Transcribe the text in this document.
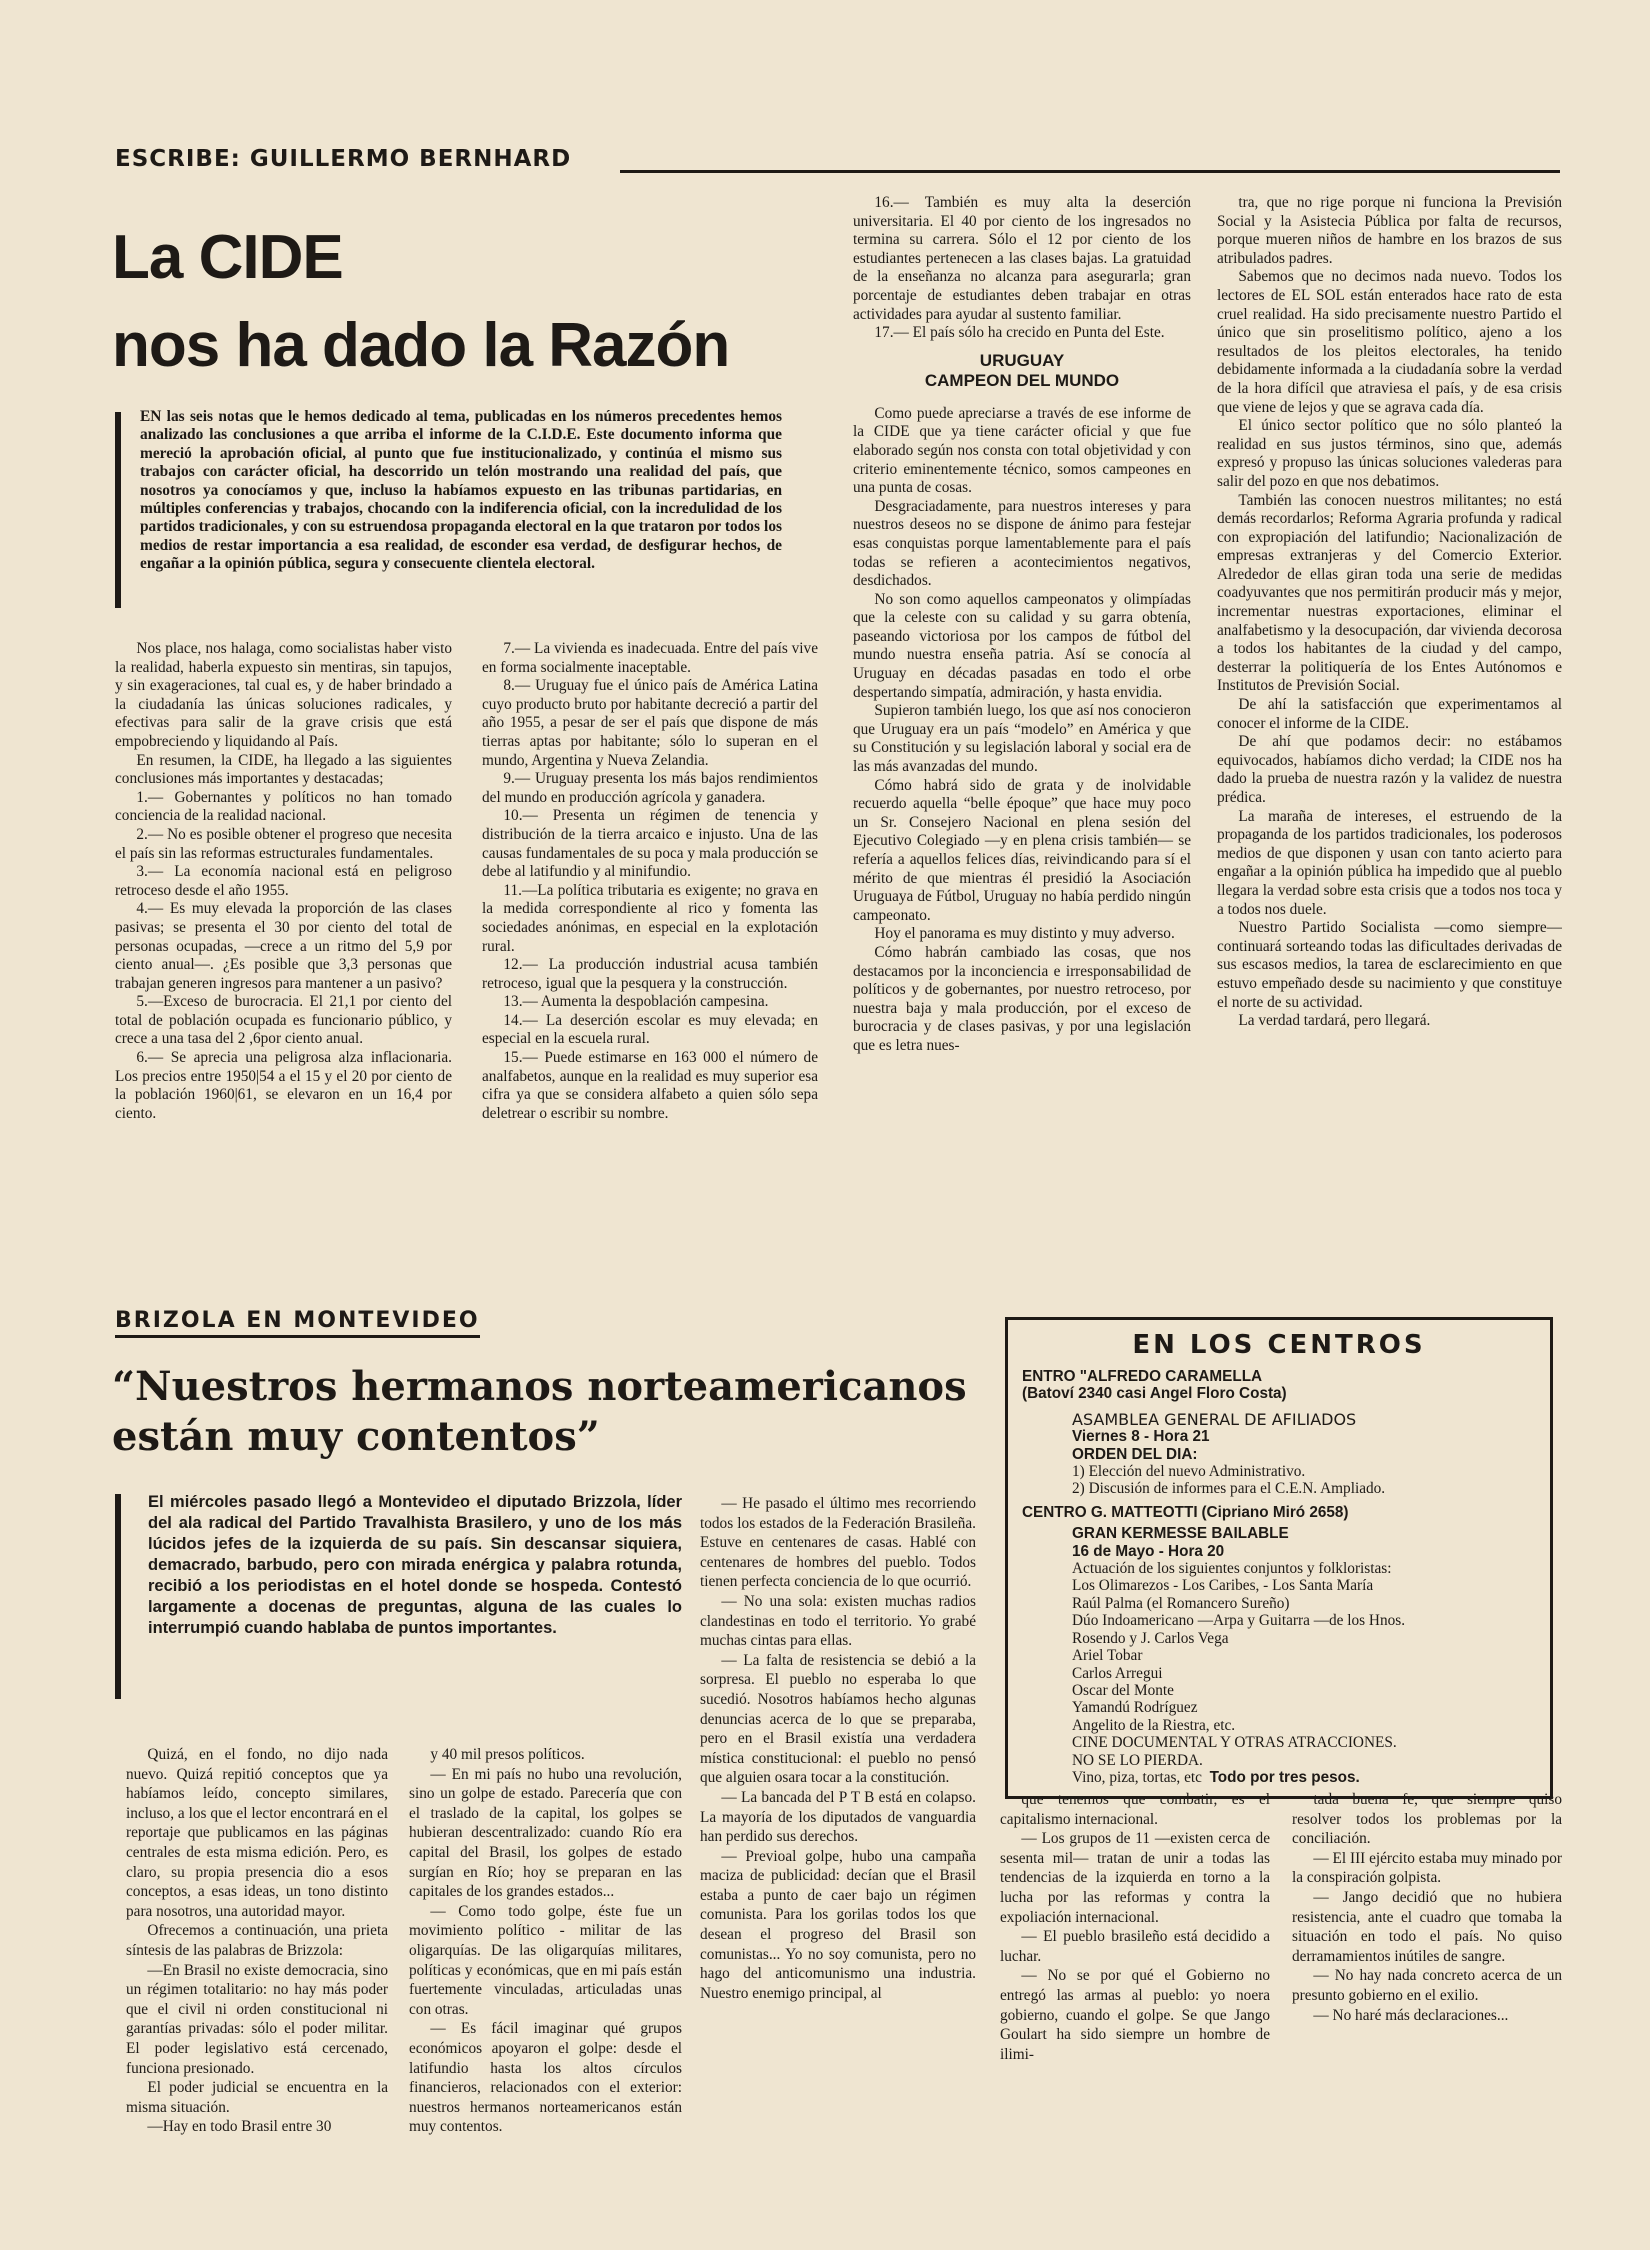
ESCRIBE: GUILLERMO BERNHARD
La CIDE
nos ha dado la Razón
EN las seis notas que le hemos dedicado al tema, publicadas en los números precedentes hemos analizado las conclusiones a que arriba el informe de la C.I.D.E. Este documento informa que mereció la aprobación oficial, al punto que fue institucionalizado, y continúa el mismo sus trabajos con carácter oficial, ha descorrido un telón mostrando una realidad del país, que nosotros ya conocíamos y que, incluso la habíamos expuesto en las tribunas partidarias, en múltiples conferencias y trabajos, chocando con la indiferencia oficial, con la incredulidad de los partidos tradicionales, y con su estruendosa propaganda electoral en la que trataron por todos los medios de restar importancia a esa realidad, de esconder esa verdad, de desfigurar hechos, de engañar a la opinión pública, segura y consecuente clientela electoral.

Nos place, nos halaga, como socialistas haber visto la realidad, haberla expuesto sin mentiras, sin tapujos, y sin exageraciones, tal cual es, y de haber brindado a la ciudadanía las únicas soluciones radicales, y efectivas para salir de la grave crisis que está empobreciendo y liquidando al País.

En resumen, la CIDE, ha llegado a las siguientes conclusiones más importantes y destacadas;

1.— Gobernantes y políticos no han tomado conciencia de la realidad nacional.

2.— No es posible obtener el progreso que necesita el país sin las reformas estructurales fundamentales.

3.— La economía nacional está en peligroso retroceso desde el año 1955.

4.— Es muy elevada la proporción de las clases pasivas; se presenta el 30 por ciento del total de personas ocupadas, —crece a un ritmo del 5,9 por ciento anual—. ¿Es posible que 3,3 personas que trabajan generen ingresos para mantener a un pasivo?

5.—Exceso de burocracia. El 21,1 por ciento del total de población ocupada es funcionario público, y crece a una tasa del 2 ,6por ciento anual.

6.— Se aprecia una peligrosa alza inflacionaria. Los precios entre 1950|54 a el 15 y el 20 por ciento de la población 1960|61, se elevaron en un 16,4 por ciento.

7.— La vivienda es inadecuada. Entre del país vive en forma socialmente inaceptable.

8.— Uruguay fue el único país de América Latina cuyo producto bruto por habitante decreció a partir del año 1955, a pesar de ser el país que dispone de más tierras aptas por habitante; sólo lo superan en el mundo, Argentina y Nueva Zelandia.

9.— Uruguay presenta los más bajos rendimientos del mundo en producción agrícola y ganadera.

10.— Presenta un régimen de tenencia y distribución de la tierra arcaico e injusto. Una de las causas fundamentales de su poca y mala producción se debe al latifundio y al minifundio.

11.—La política tributaria es exigente; no grava en la medida correspondiente al rico y fomenta las sociedades anónimas, en especial en la explotación rural.

12.— La producción industrial acusa también retroceso, igual que la pesquera y la construcción.

13.— Aumenta la despoblación campesina.

14.— La deserción escolar es muy elevada; en especial en la escuela rural.

15.— Puede estimarse en 163 000 el número de analfabetos, aunque en la realidad es muy superior esa cifra ya que se considera alfabeto a quien sólo sepa deletrear o escribir su nombre.

16.— También es muy alta la deserción universitaria. El 40 por ciento de los ingresados no termina su carrera. Sólo el 12 por ciento de los estudiantes pertenecen a las clases bajas. La gratuidad de la enseñanza no alcanza para asegurarla; gran porcentaje de estudiantes deben trabajar en otras actividades para ayudar al sustento familiar.

17.— El país sólo ha crecido en Punta del Este.

URUGUAY
CAMPEON DEL MUNDO

Como puede apreciarse a través de ese informe de la CIDE que ya tiene carácter oficial y que fue elaborado según nos consta con total objetividad y con criterio eminentemente técnico, somos campeones en una punta de cosas.

Desgraciadamente, para nuestros intereses y para nuestros deseos no se dispone de ánimo para festejar esas conquistas porque lamentablemente para el país todas se refieren a acontecimientos negativos, desdichados.

No son como aquellos campeonatos y olimpíadas que la celeste con su calidad y su garra obtenía, paseando victoriosa por los campos de fútbol del mundo nuestra enseña patria. Así se conocía al Uruguay en décadas pasadas en todo el orbe despertando simpatía, admiración, y hasta envidia.

Supieron también luego, los que así nos conocieron que Uruguay era un país “modelo” en América y que su Constitución y su legislación laboral y social era de las más avanzadas del mundo.

Cómo habrá sido de grata y de inolvidable recuerdo aquella “belle époque” que hace muy poco un Sr. Consejero Nacional en plena sesión del Ejecutivo Colegiado —y en plena crisis también— se refería a aquellos felices días, reivindicando para sí el mérito de que mientras él presidió la Asociación Uruguaya de Fútbol, Uruguay no había perdido ningún campeonato.

Hoy el panorama es muy distinto y muy adverso.

Cómo habrán cambiado las cosas, que nos destacamos por la inconciencia e irresponsabilidad de políticos y de gobernantes, por nuestro retroceso, por nuestra baja y mala producción, por el exceso de burocracia y de clases pasivas, y por una legislación que es letra nues-

tra, que no rige porque ni funciona la Previsión Social y la Asistecia Pública por falta de recursos, porque mueren niños de hambre en los brazos de sus atribulados padres.

Sabemos que no decimos nada nuevo. Todos los lectores de EL SOL están enterados hace rato de esta cruel realidad. Ha sido precisamente nuestro Partido el único que sin proselitismo político, ajeno a los resultados de los pleitos electorales, ha tenido debidamente informada a la ciudadanía sobre la verdad de la hora difícil que atraviesa el país, y de esa crisis que viene de lejos y que se agrava cada día.

El único sector político que no sólo planteó la realidad en sus justos términos, sino que, además expresó y propuso las únicas soluciones valederas para salir del pozo en que nos debatimos.

También las conocen nuestros militantes; no está demás recordarlos; Reforma Agraria profunda y radical con expropiación del latifundio; Nacionalización de empresas extranjeras y del Comercio Exterior. Alrededor de ellas giran toda una serie de medidas coadyuvantes que nos permitirán producir más y mejor, incrementar nuestras exportaciones, eliminar el analfabetismo y la desocupación, dar vivienda decorosa a todos los habitantes de la ciudad y del campo, desterrar la politiquería de los Entes Autónomos e Institutos de Previsión Social.

De ahí la satisfacción que experimentamos al conocer el informe de la CIDE.

De ahí que podamos decir: no estábamos equivocados, habíamos dicho verdad; la CIDE nos ha dado la prueba de nuestra razón y la validez de nuestra prédica.

La maraña de intereses, el estruendo de la propaganda de los partidos tradicionales, los poderosos medios de que disponen y usan con tanto acierto para engañar a la opinión pública ha impedido que al pueblo llegara la verdad sobre esta crisis que a todos nos toca y a todos nos duele.

Nuestro Partido Socialista —como siempre— continuará sorteando todas las dificultades derivadas de sus escasos medios, la tarea de esclarecimiento en que estuvo empeñado desde su nacimiento y que constituye el norte de su actividad.

La verdad tardará, pero llegará.

BRIZOLA EN MONTEVIDEO
“Nuestros hermanos norteamericanos están muy contentos”
El miércoles pasado llegó a Montevideo el diputado Brizzola, líder del ala radical del Partido Travalhista Brasilero, y uno de los más lúcidos jefes de la izquierda de su país. Sin descansar siquiera, demacrado, barbudo, pero con mirada enérgica y palabra rotunda, recibió a los periodistas en el hotel donde se hospeda. Contestó largamente a docenas de preguntas, alguna de las cuales lo interrumpió cuando hablaba de puntos importantes.

Quizá, en el fondo, no dijo nada nuevo. Quizá repitió conceptos que ya habíamos leído, concepto similares, incluso, a los que el lector encontrará en el reportaje que publicamos en las páginas centrales de esta misma edición. Pero, es claro, su propia presencia dio a esos conceptos, a esas ideas, un tono distinto para nosotros, una autoridad mayor.

Ofrecemos a continuación, una prieta síntesis de las palabras de Brizzola:

—En Brasil no existe democracia, sino un régimen totalitario: no hay más poder que el civil ni orden constitucional ni garantías privadas: sólo el poder militar. El poder legislativo está cercenado, funciona presionado.

El poder judicial se encuentra en la misma situación.

—Hay en todo Brasil entre 30

y 40 mil presos políticos.

— En mi país no hubo una revolución, sino un golpe de estado. Parecería que con el traslado de la capital, los golpes se hubieran descentralizado: cuando Río era capital del Brasil, los golpes de estado surgían en Río; hoy se preparan en las capitales de los grandes estados...

— Como todo golpe, éste fue un movimiento político - militar de las oligarquías. De las oligarquías militares, políticas y económicas, que en mi país están fuertemente vinculadas, articuladas unas con otras.

— Es fácil imaginar qué grupos económicos apoyaron el golpe: desde el latifundio hasta los altos círculos financieros, relacionados con el exterior: nuestros hermanos norteamericanos están muy contentos.

— He pasado el último mes recorriendo todos los estados de la Federación Brasileña. Estuve en centenares de casas. Hablé con centenares de hombres del pueblo. Todos tienen perfecta conciencia de lo que ocurrió.

— No una sola: existen muchas radios clandestinas en todo el territorio. Yo grabé muchas cintas para ellas.

— La falta de resistencia se debió a la sorpresa. El pueblo no esperaba lo que sucedió. Nosotros habíamos hecho algunas denuncias acerca de lo que se preparaba, pero en el Brasil existía una verdadera mística constitucional: el pueblo no pensó que alguien osara tocar a la constitución.

— La bancada del P T B está en colapso. La mayoría de los diputados de vanguardia han perdido sus derechos.

— Previoal golpe, hubo una campaña maciza de publicidad: decían que el Brasil estaba a punto de caer bajo un régimen comunista. Para los gorilas todos los que desean el progreso del Brasil son comunistas... Yo no soy comunista, pero no hago del anticomunismo una industria. Nuestro enemigo principal, al

que tenemos que combatir, es el capitalismo internacional.

— Los grupos de 11 —existen cerca de sesenta mil— tratan de unir a todas las tendencias de la izquierda en torno a la lucha por las reformas y contra la expoliación internacional.

— El pueblo brasileño está decidido a luchar.

— No se por qué el Gobierno no entregó las armas al pueblo: yo noera gobierno, cuando el golpe. Se que Jango Goulart ha sido siempre un hombre de ilimi-

tada buena fe, que siempre quiso resolver todos los problemas por la conciliación.

— El III ejército estaba muy minado por la conspiración golpista.

— Jango decidió que no hubiera resistencia, ante el cuadro que tomaba la situación en todo el país. No quiso derramamientos inútiles de sangre.

— No hay nada concreto acerca de un presunto gobierno en el exilio.

— No haré más declaraciones...

EN LOS CENTROS
ENTRO "ALFREDO CARAMELLA
(Batoví 2340 casi Angel Floro Costa)
ASAMBLEA GENERAL DE AFILIADOS
Viernes 8 - Hora 21
ORDEN DEL DIA:
1) Elección del nuevo Administrativo.
2) Discusión de informes para el C.E.N. Ampliado.
CENTRO G. MATTEOTTI (Cipriano Miró 2658)
GRAN KERMESSE BAILABLE
16 de Mayo - Hora 20
Actuación de los siguientes conjuntos y folkloristas:
Los Olimarezos - Los Caribes, - Los Santa María
Raúl Palma (el Romancero Sureño)
Dúo Indoamericano —Arpa y Guitarra —de los Hnos.
Rosendo y J. Carlos Vega
Ariel Tobar
Carlos Arregui
Oscar del Monte
Yamandú Rodríguez
Angelito de la Riestra, etc.
CINE DOCUMENTAL Y OTRAS ATRACCIONES.
NO SE LO PIERDA.
Vino, piza, tortas, etc Todo por tres pesos.
